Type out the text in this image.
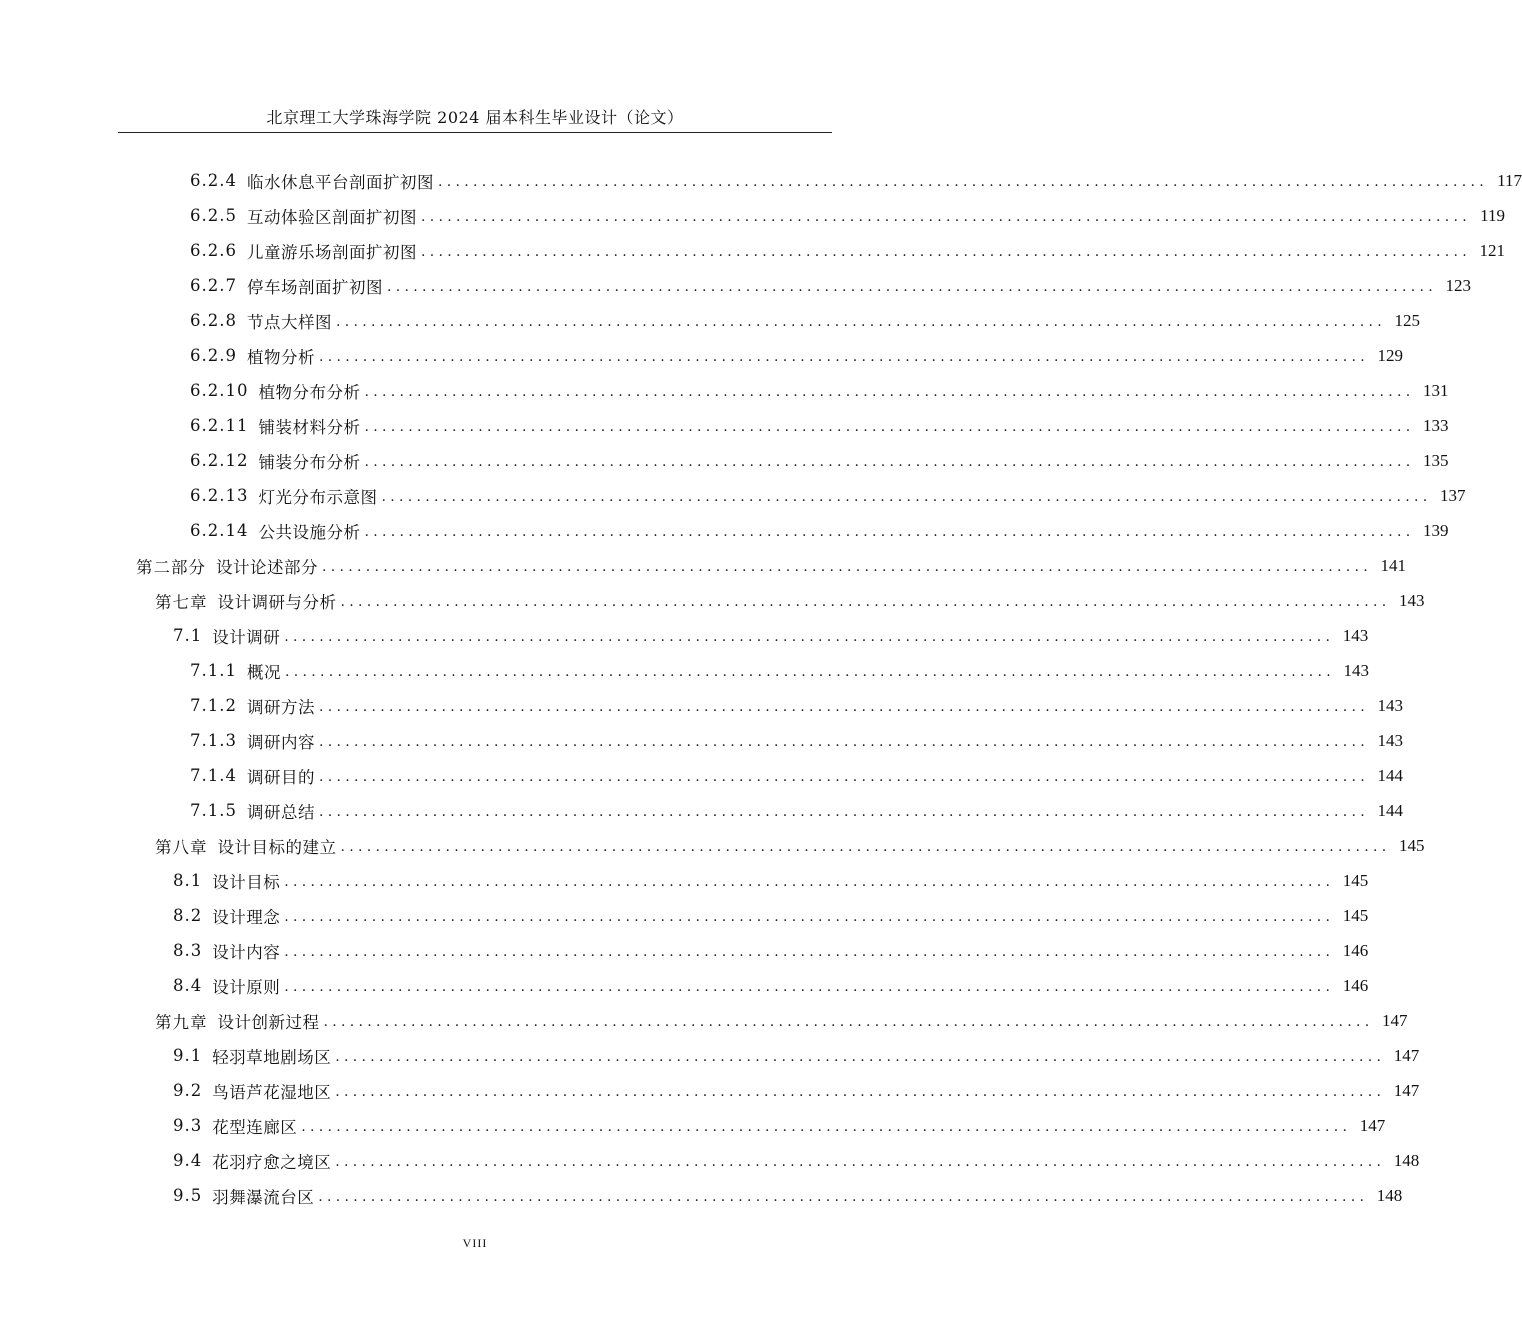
北京理工大学珠海学院 2024 届本科生毕业设计（论文）
6.2.4 临水休息平台剖面扩初图 ........................................................................................................................ 117
6.2.5 互动体验区剖面扩初图 ........................................................................................................................ 119
6.2.6 儿童游乐场剖面扩初图 ........................................................................................................................ 121
6.2.7 停车场剖面扩初图 ........................................................................................................................ 123
6.2.8 节点大样图 ........................................................................................................................ 125
6.2.9 植物分析 ........................................................................................................................ 129
6.2.10 植物分布分析 ........................................................................................................................ 131
6.2.11 铺装材料分析 ........................................................................................................................ 133
6.2.12 铺装分布分析 ........................................................................................................................ 135
6.2.13 灯光分布示意图 ........................................................................................................................ 137
6.2.14 公共设施分析 ........................................................................................................................ 139
第二部分 设计论述部分 ........................................................................................................................ 141
第七章 设计调研与分析 ........................................................................................................................ 143
7.1 设计调研 ........................................................................................................................ 143
7.1.1 概况 ........................................................................................................................ 143
7.1.2 调研方法 ........................................................................................................................ 143
7.1.3 调研内容 ........................................................................................................................ 143
7.1.4 调研目的 ........................................................................................................................ 144
7.1.5 调研总结 ........................................................................................................................ 144
第八章 设计目标的建立 ........................................................................................................................ 145
8.1 设计目标 ........................................................................................................................ 145
8.2 设计理念 ........................................................................................................................ 145
8.3 设计内容 ........................................................................................................................ 146
8.4 设计原则 ........................................................................................................................ 146
第九章 设计创新过程 ........................................................................................................................ 147
9.1 轻羽草地剧场区 ........................................................................................................................ 147
9.2 鸟语芦花湿地区 ........................................................................................................................ 147
9.3 花型连廊区 ........................................................................................................................ 147
9.4 花羽疗愈之境区 ........................................................................................................................ 148
9.5 羽舞瀑流台区 ........................................................................................................................ 148
VIII
